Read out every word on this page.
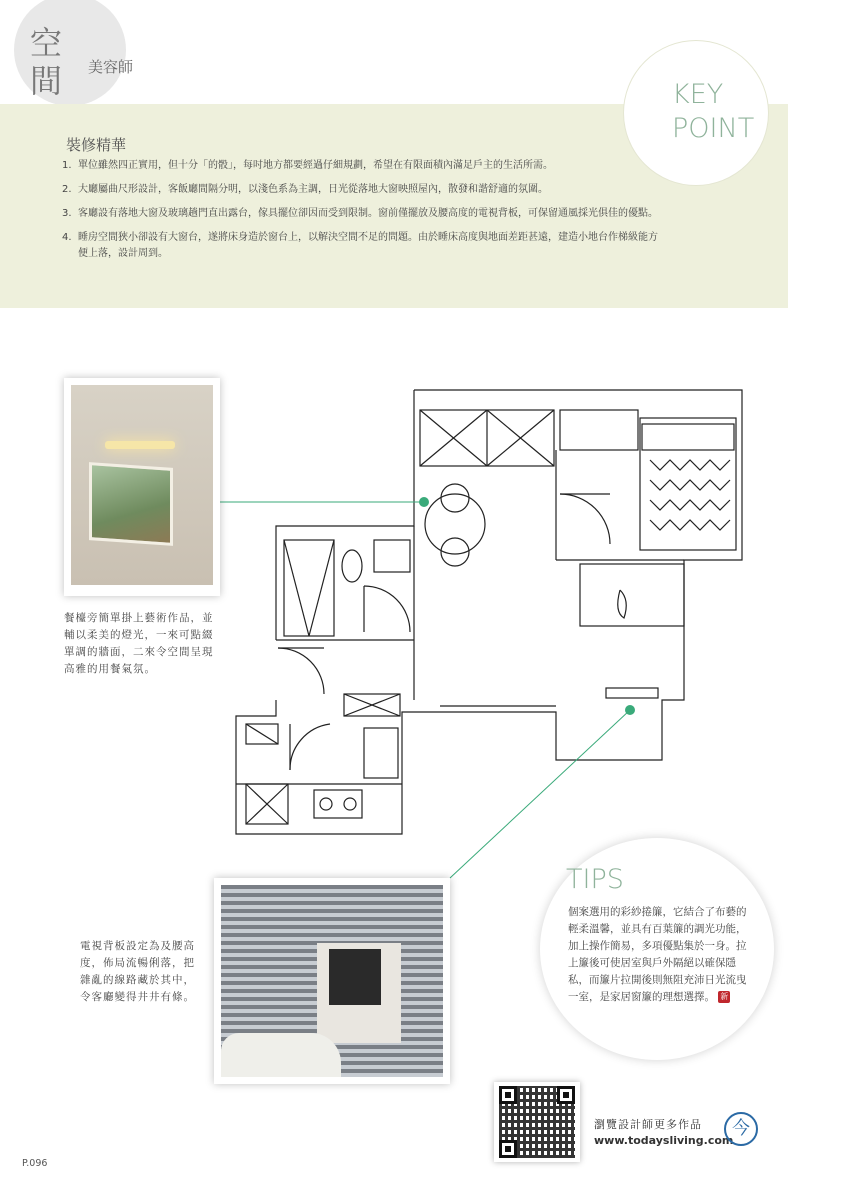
空間	美容師
裝修精華
1. 單位雖然四正實用，但十分「的骰」，每吋地方都要經過仔細規劃，希望在有限面積內滿足戶主的生活所需。
2. 大廳屬曲尺形設計，客飯廳間隔分明，以淺色系為主調，日光從落地大窗映照屋內，散發和諧舒適的氛圍。
3. 客廳設有落地大窗及玻璃趟門直出露台，傢具擺位卻因而受到限制。窗前僅擺放及腰高度的電視背板，可保留通風採光俱佳的優點。
4. 睡房空間狹小卻設有大窗台，遂將床身造於窗台上，以解決空間不足的問題。由於睡床高度與地面差距甚遠，建造小地台作梯級能方便上落，設計周到。
KEY POINT
餐檯旁簡單掛上藝術作品，並輔以柔美的燈光，一來可點綴單調的牆面，二來令空間呈現高雅的用餐氣氛。
電視背板設定為及腰高度，佈局流暢俐落，把雜亂的線路藏於其中，令客廳變得井井有條。
TIPS
個案選用的彩紗捲簾，它結合了布藝的輕柔溫馨，並具有百葉簾的調光功能，加上操作簡易，多項優點集於一身。拉上簾後可使居室與戶外隔絕以確保隱私，而簾片拉開後則無阻充沛日光流曳一室，是家居窗簾的理想選擇。 新
瀏覽設計師更多作品
www.todaysliving.com
今
P.096
